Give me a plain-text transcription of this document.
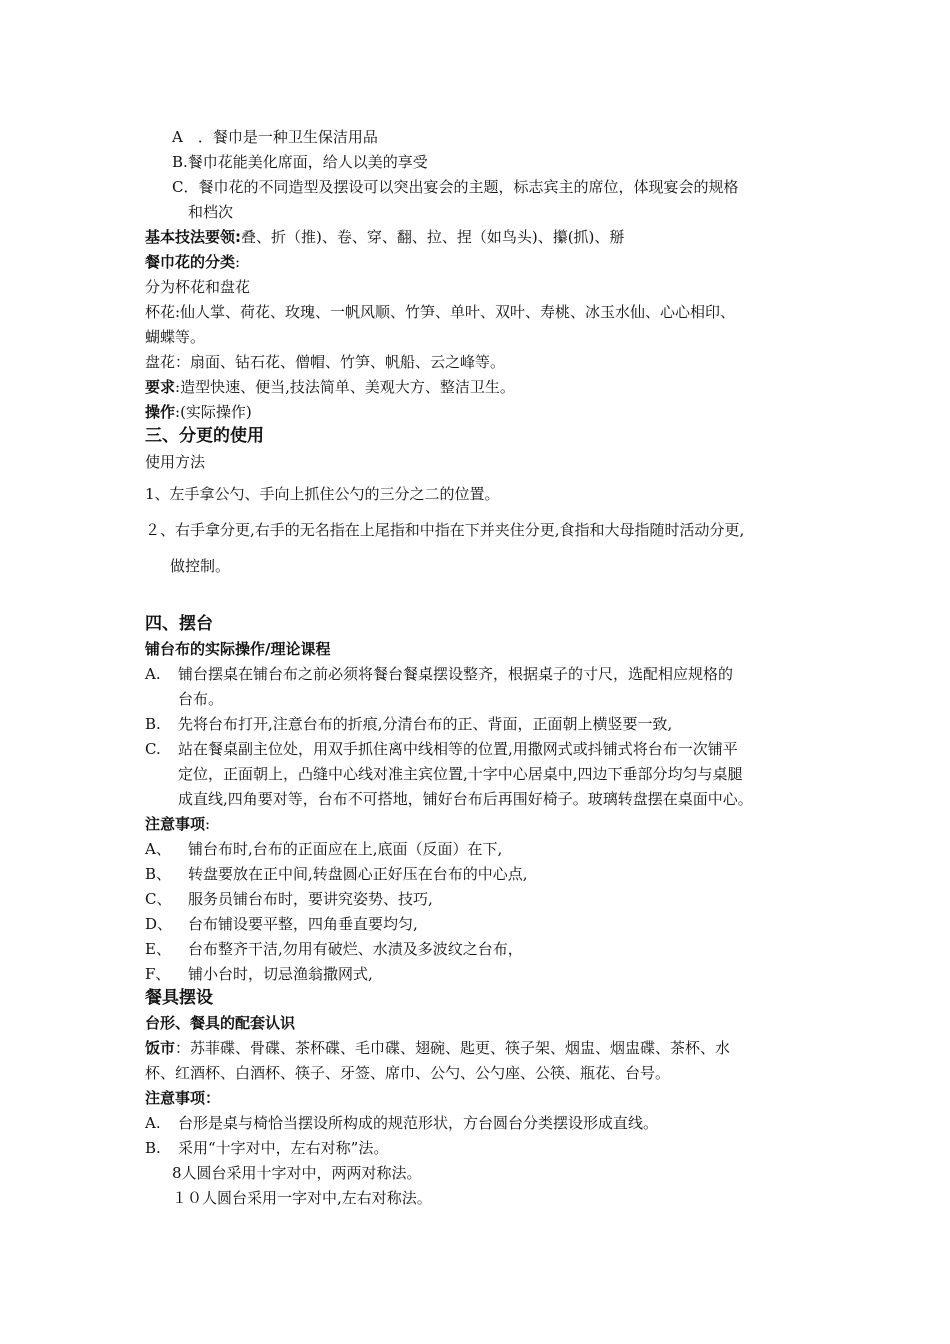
A　．餐巾是一种卫生保洁用品
B.餐巾花能美化席面，给人以美的享受
C．餐巾花的不同造型及摆设可以突出宴会的主题，标志宾主的席位，体现宴会的规格
和档次
基本技法要领:叠、折（推)、卷、穿、翻、拉、捏（如鸟头)、攥(抓)、掰
餐巾花的分类:
分为杯花和盘花
杯花:仙人掌、荷花、玫瑰、一帆风顺、竹笋、单叶、双叶、寿桃、冰玉水仙、心心相印、
蝴蝶等。
盘花：扇面、钻石花、僧帽、竹笋、帆船、云之峰等。
要求:造型快速、便当,技法简单、美观大方、整洁卫生。
操作:(实际操作)
三、分更的使用
使用方法
1、左手拿公勺、手向上抓住公勺的三分之二的位置。
２、右手拿分更,右手的无名指在上尾指和中指在下并夹住分更,食指和大母指随时活动分更,
做控制。
四、摆台
铺台布的实际操作/理论课程
A. 铺台摆桌在铺台布之前必须将餐台餐桌摆设整齐，根据桌子的寸尺，选配相应规格的
台布。
B. 先将台布打开,注意台布的折痕,分清台布的正、背面，正面朝上横竖要一致,
C. 站在餐桌副主位处，用双手抓住离中线相等的位置,用撒网式或抖铺式将台布一次铺平
定位，正面朝上，凸缝中心线对准主宾位置,十字中心居桌中,四边下垂部分均匀与桌腿
成直线,四角要对等，台布不可搭地，铺好台布后再围好椅子。玻璃转盘摆在桌面中心。
注意事项:
A、 铺台布时,台布的正面应在上,底面（反面）在下,
B、 转盘要放在正中间,转盘圆心正好压在台布的中心点,
C、 服务员铺台布时，要讲究姿势、技巧,
D、 台布铺设要平整，四角垂直要均匀,
E、 台布整齐干洁,勿用有破烂、水渍及多波纹之台布，
F、 铺小台时，切忌渔翁撒网式,
餐具摆设
台形、餐具的配套认识
饭市：苏菲碟、骨碟、茶杯碟、毛巾碟、翅碗、匙更、筷子架、烟盅、烟盅碟、茶杯、水
杯、红酒杯、白酒杯、筷子、牙签、席巾、公勺、公勺座、公筷、瓶花、台号。
注意事项：
A. 台形是桌与椅恰当摆设所构成的规范形状，方台圆台分类摆设形成直线。
B. 采用“十字对中，左右对称”法。
8人圆台采用十字对中，两两对称法。
１０人圆台采用一字对中,左右对称法。
